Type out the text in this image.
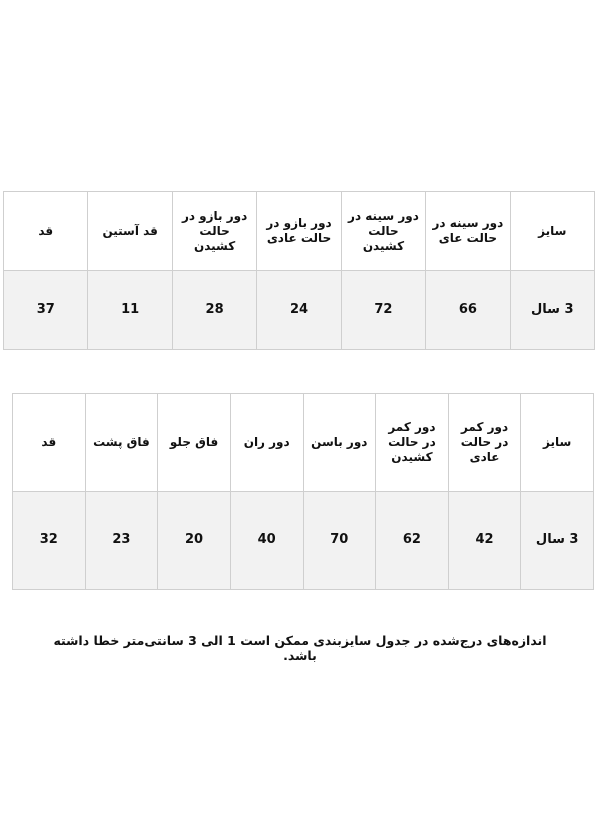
سایز	دور سینه در حالت عای	دور سینه در حالت کشیدن	دور بازو در حالت عادی	دور بازو در حالت کشیدن	قد آستین	قد
3 سال	66	72	24	28	11	37
سایز	دور کمر در حالت عادی	دور کمر در حالت کشیدن	دور باسن	دور ران	فاق جلو	فاق پشت	قد
3 سال	42	62	70	40	20	23	32
اندازه‌های درج‌شده در جدول سایزبندی ممکن است 1 الی 3 سانتی‌متر خطا داشته باشد.
